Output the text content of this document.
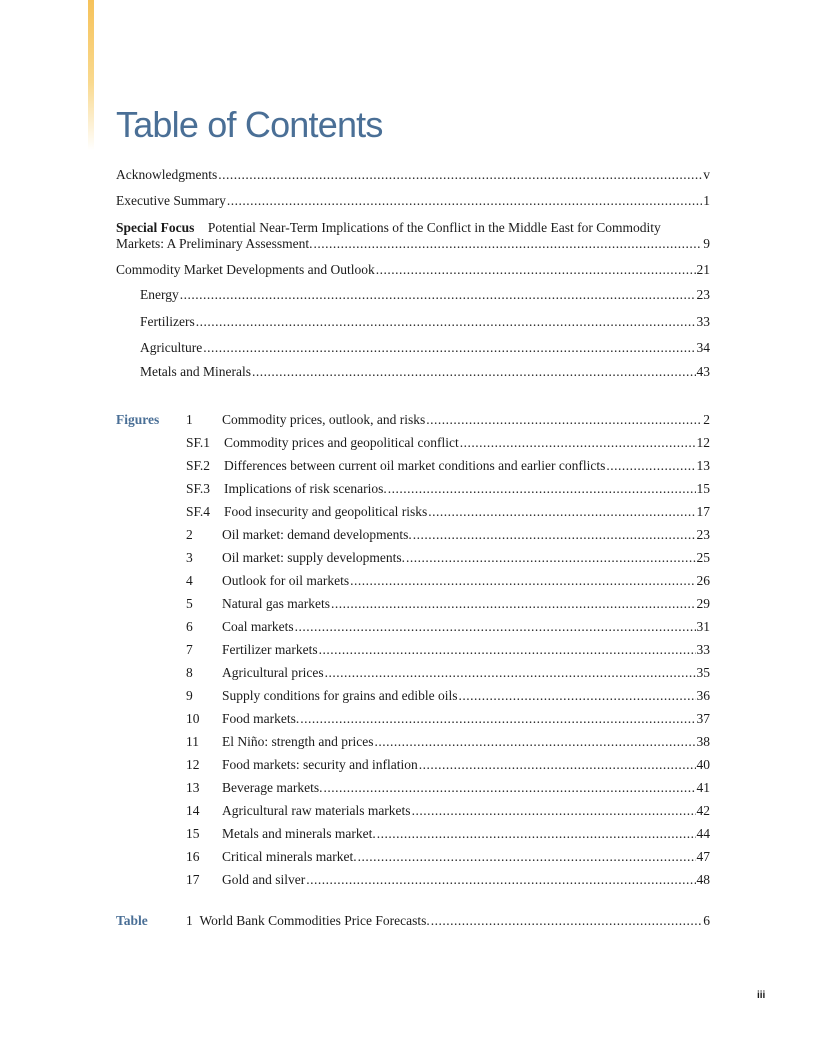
Table of Contents
Acknowledgments .....	v
Executive Summary .....	1
Special Focus Potential Near-Term Implications of the Conflict in the Middle East for Commodity
Markets: A Preliminary Assessment. .....	9
Commodity Market Developments and Outlook .....	21
Energy .....	23
Fertilizers .....	33
Agriculture .....	34
Metals and Minerals .....	43
Figures 1 Commodity prices, outlook, and risks .....	2
SF.1 Commodity prices and geopolitical conflict .....	12
SF.2 Differences between current oil market conditions and earlier conflicts .....	13
SF.3 Implications of risk scenarios. .....	15
SF.4 Food insecurity and geopolitical risks .....	17
2 Oil market: demand developments. .....	23
3 Oil market: supply developments. .....	25
4 Outlook for oil markets .....	26
5 Natural gas markets .....	29
6 Coal markets .....	31
7 Fertilizer markets .....	33
8 Agricultural prices .....	35
9 Supply conditions for grains and edible oils .....	36
10 Food markets. .....	37
11 El Niño: strength and prices .....	38
12 Food markets: security and inflation .....	40
13 Beverage markets. .....	41
14 Agricultural raw materials markets .....	42
15 Metals and minerals market. .....	44
16 Critical minerals market. .....	47
17 Gold and silver .....	48
Table	1 World Bank Commodities Price Forecasts. .....	6
iii
